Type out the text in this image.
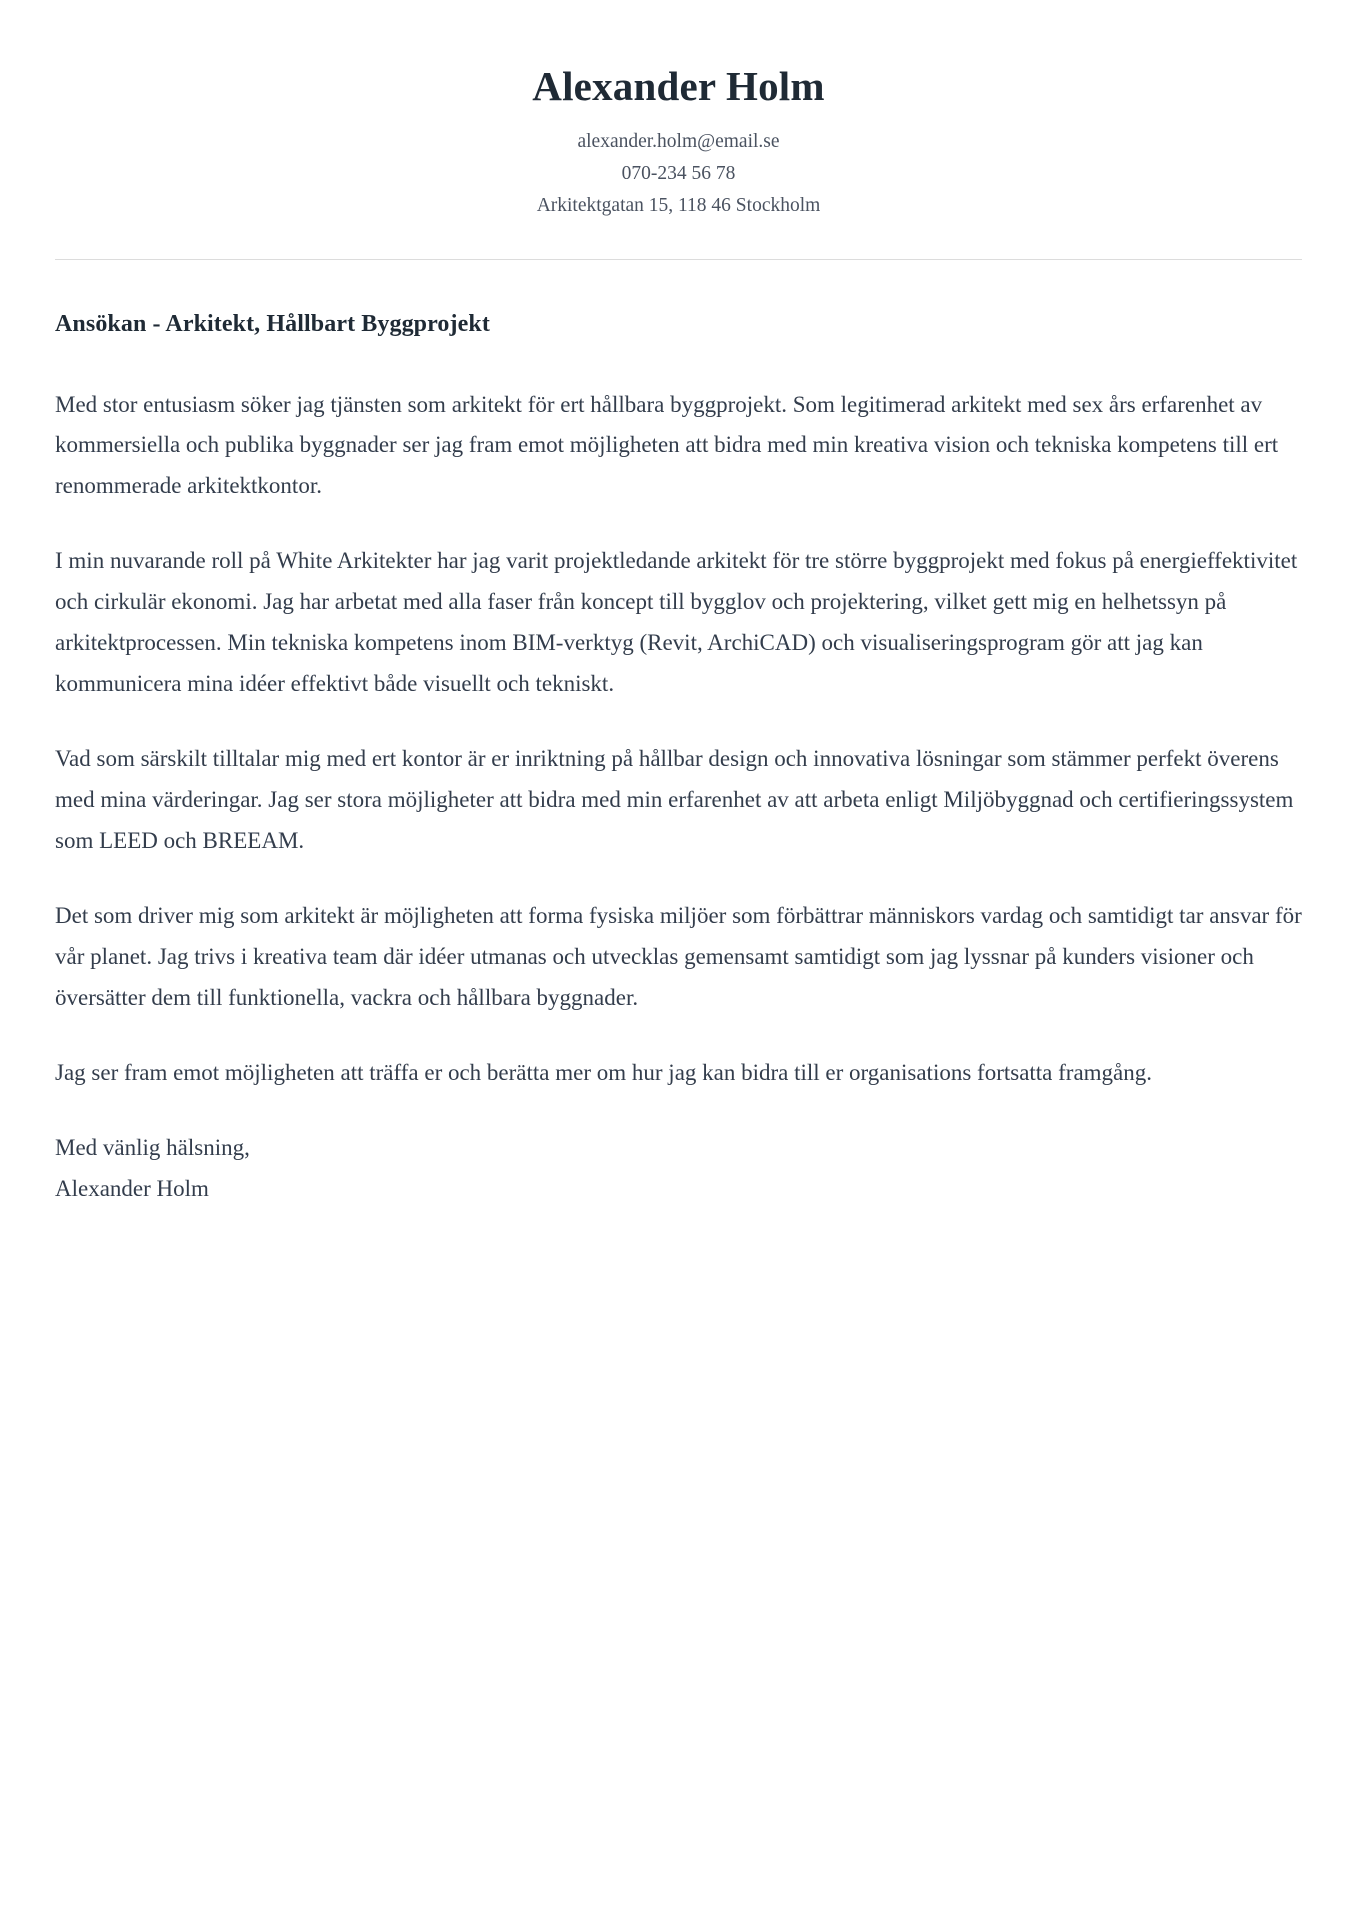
Alexander Holm

alexander.holm@email.se

070-234 56 78

Arkitektgatan 15, 118 46 Stockholm

Ansökan - Arkitekt, Hållbart Byggprojekt

Med stor entusiasm söker jag tjänsten som arkitekt för ert hållbara byggprojekt. Som legitimerad arkitekt med sex års erfarenhet av kommersiella och publika byggnader ser jag fram emot möjligheten att bidra med min kreativa vision och tekniska kompetens till ert renommerade arkitektkontor.

I min nuvarande roll på White Arkitekter har jag varit projektledande arkitekt för tre större byggprojekt med fokus på energieffektivitet och cirkulär ekonomi. Jag har arbetat med alla faser från koncept till bygglov och projektering, vilket gett mig en helhetssyn på arkitektprocessen. Min tekniska kompetens inom BIM-verktyg (Revit, ArchiCAD) och visualiseringsprogram gör att jag kan kommunicera mina idéer effektivt både visuellt och tekniskt.

Vad som särskilt tilltalar mig med ert kontor är er inriktning på hållbar design och innovativa lösningar som stämmer perfekt överens med mina värderingar. Jag ser stora möjligheter att bidra med min erfarenhet av att arbeta enligt Miljöbyggnad och certifieringssystem som LEED och BREEAM.

Det som driver mig som arkitekt är möjligheten att forma fysiska miljöer som förbättrar människors vardag och samtidigt tar ansvar för vår planet. Jag trivs i kreativa team där idéer utmanas och utvecklas gemensamt samtidigt som jag lyssnar på kunders visioner och översätter dem till funktionella, vackra och hållbara byggnader.

Jag ser fram emot möjligheten att träffa er och berätta mer om hur jag kan bidra till er organisations fortsatta framgång.

Med vänlig hälsning,
Alexander Holm
